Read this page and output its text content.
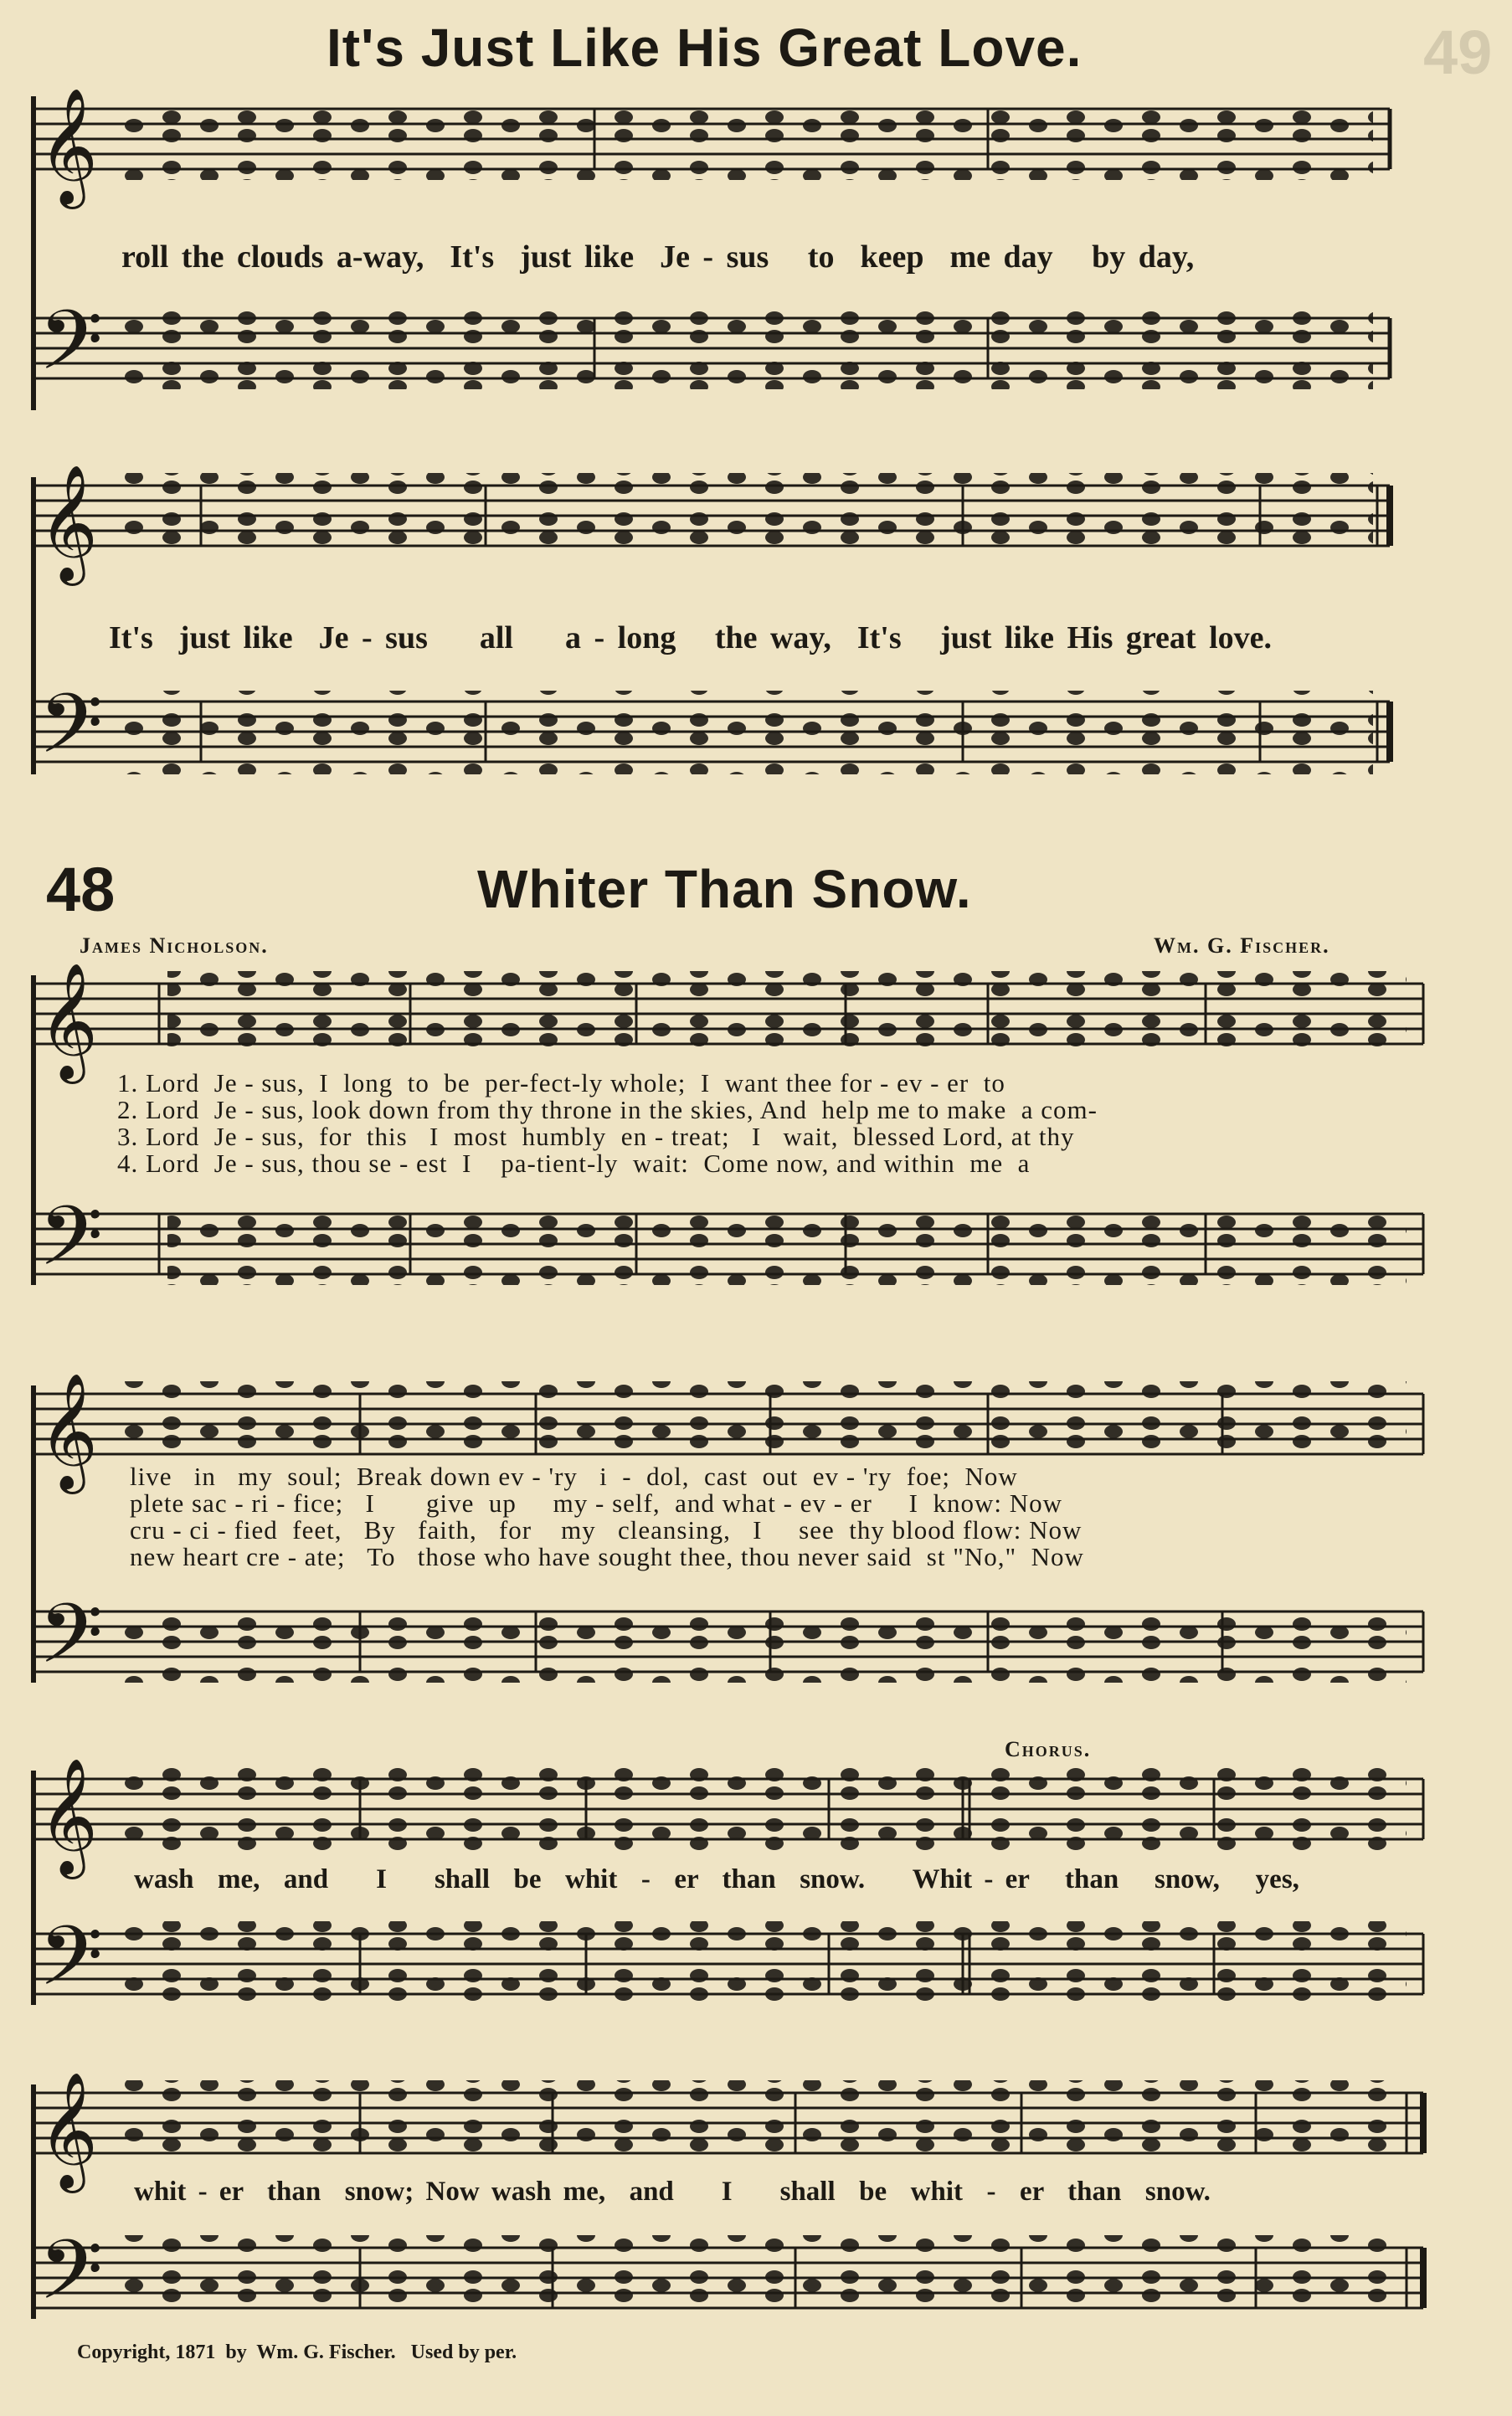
It's Just Like His Great Love.	49
𝄞
𝄢
𝄞
𝄢
𝄞
𝄢
𝄞
𝄢
𝄞
𝄢
𝄞
𝄢
roll the clouds a-way,  It's  just like  Je - sus   to  keep  me day   by day,
It's  just like  Je - sus    all    a - long   the way,  It's   just like His great love.
48	Whiter Than Snow.
James Nicholson.	Wm. G. Fischer.
1. Lord  Je - sus,  I  long  to  be  per-fect-ly whole;  I  want thee for - ev - er  to
2. Lord  Je - sus, look down from thy throne in the skies, And  help me to make  a com-
3. Lord  Je - sus,  for  this   I  most  humbly  en - treat;   I   wait,  blessed Lord, at thy
4. Lord  Je - sus, thou se - est  I    pa-tient-ly  wait:  Come now, and within  me  a
live   in   my  soul;  Break down ev - 'ry   i  -  dol,  cast  out  ev - 'ry  foe;  Now
plete sac - ri - fice;   I       give  up     my - self,  and what - ev - er     I  know: Now
cru - ci - fied  feet,   By   faith,   for    my   cleansing,   I     see  thy blood flow: Now
new heart cre - ate;   To   those who have sought thee, thou never said  st "No,"  Now
Chorus.
wash  me,  and    I    shall  be  whit  -  er  than  snow.    Whit - er   than   snow,   yes,
whit - er  than  snow; Now wash me,  and    I    shall  be  whit  -  er  than  snow.
Copyright, 1871  by  Wm. G. Fischer.   Used by per.
